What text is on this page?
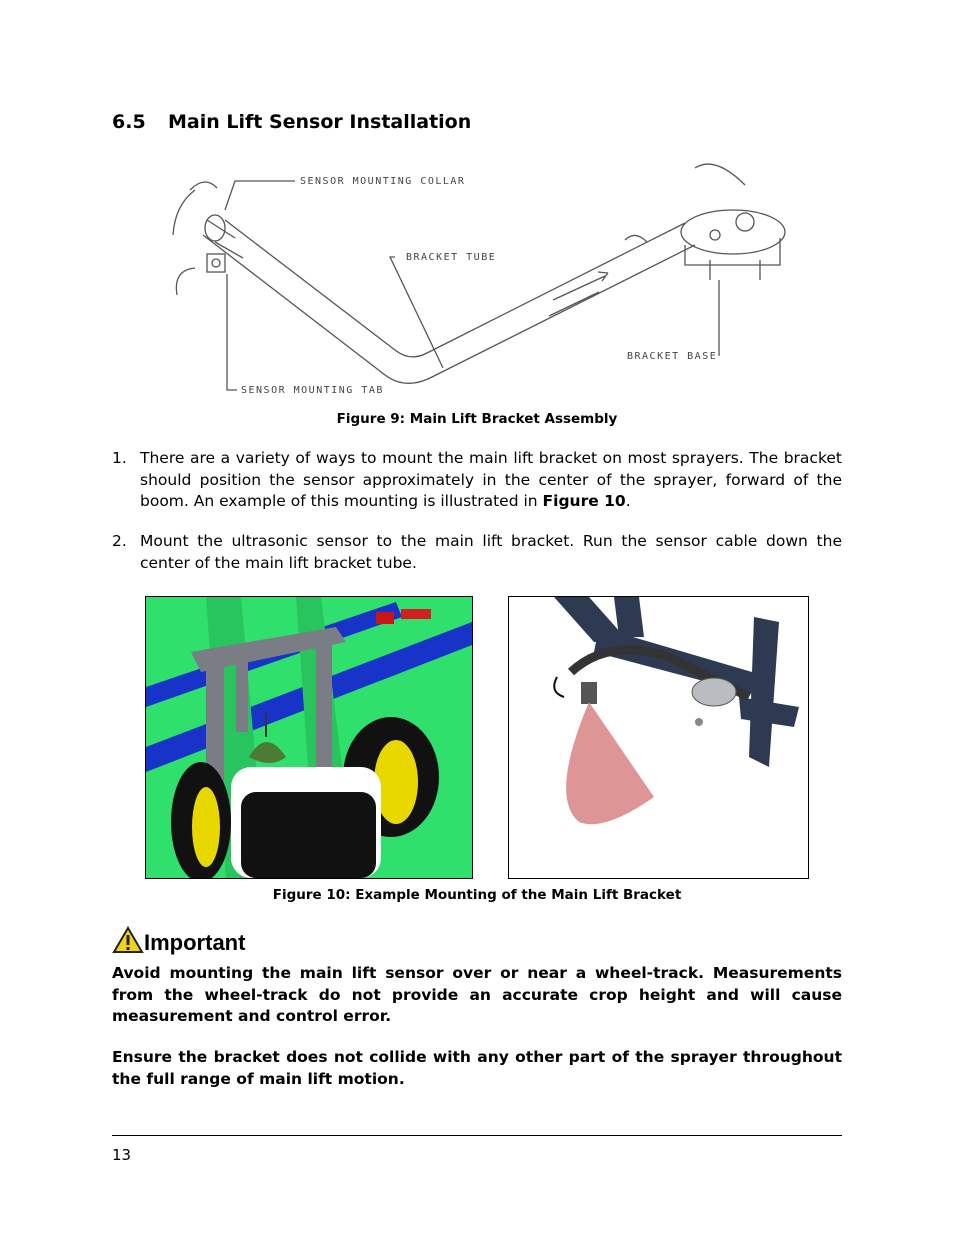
6.5 Main Lift Sensor Installation
SENSOR MOUNTING COLLAR
BRACKET TUBE
SENSOR MOUNTING TAB
BRACKET BASE
Figure 9: Main Lift Bracket Assembly
1. There are a variety of ways to mount the main lift bracket on most sprayers. The bracket should position the sensor approximately in the center of the sprayer, forward of the boom. An example of this mounting is illustrated in Figure 10.
2. Mount the ultrasonic sensor to the main lift bracket. Run the sensor cable down the center of the main lift bracket tube.
Figure 10: Example Mounting of the Main Lift Bracket
Important
Avoid mounting the main lift sensor over or near a wheel-track. Measurements from the wheel-track do not provide an accurate crop height and will cause measurement and control error.
Ensure the bracket does not collide with any other part of the sprayer throughout the full range of main lift motion.
13
